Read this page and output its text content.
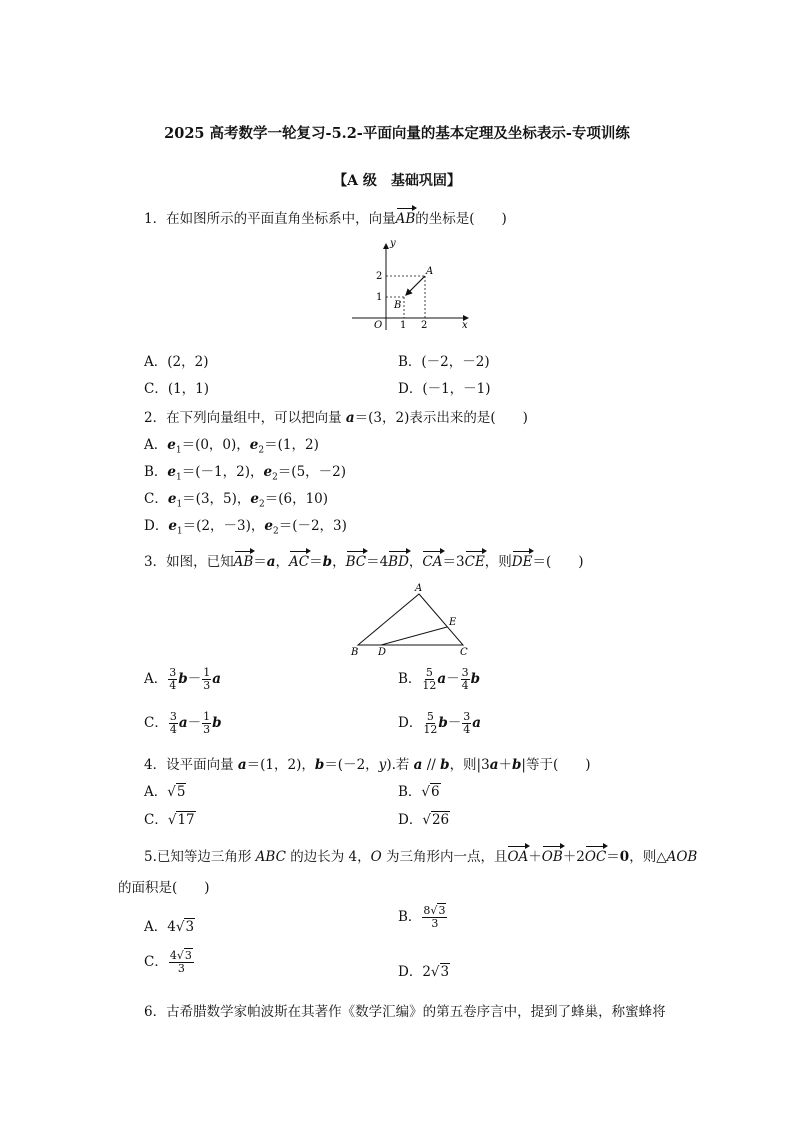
2025 高考数学一轮复习-5.2-平面向量的基本定理及坐标表示-专项训练
【A 级　基础巩固】
1．在如图所示的平面直角坐标系中，向量AB的坐标是(　　)
y
x
O
A
B
1
2
1 2
A．(2，2)	B．(－2，－2)
C．(1，1)	D．(－1，－1)
2．在下列向量组中，可以把向量 a＝(3，2)表示出来的是(　　)
A．$e_1=(0$，0)，$e_2=(1$，2)
B．$e_1=(-1$，2)，$e_2=(5$，－2)
C．$e_1=(3$，5)，$e_2=(6$，10)
D．$e_1=(2$，－3)，$e_2=(-2$，3)
3．如图，已知AB＝a，AC＝b，BC＝4BD，CA＝3CE，则DE＝(　　)
A
B	C
D
E
A． $\frac{3}{4} b- \frac{1}{3}$ a	B． $\frac{5}{12} a- \frac{3}{4}$ b
C． $\frac{3}{4} a- \frac{1}{3}$ b	D． $\frac{5}{12} b- \frac{3}{4}$ a
4．设平面向量 a＝(1，2)，b＝(－2，y).若 a // b，则|3a＋b|等于(　　)
A．√5	B．√6
C．√17	D．√26
5.已知等边三角形 ABC 的边长为 4，O 为三角形内一点，且OA＋OB＋2OC＝0，则△AOB
的面积是(　　)
A．4√3
B． $\frac{8√3}{3}$
C． $\frac{4√3}{3}$	D．2√3
6．古希腊数学家帕波斯在其著作《数学汇编》的第五卷序言中，提到了蜂巢，称蜜蜂将
